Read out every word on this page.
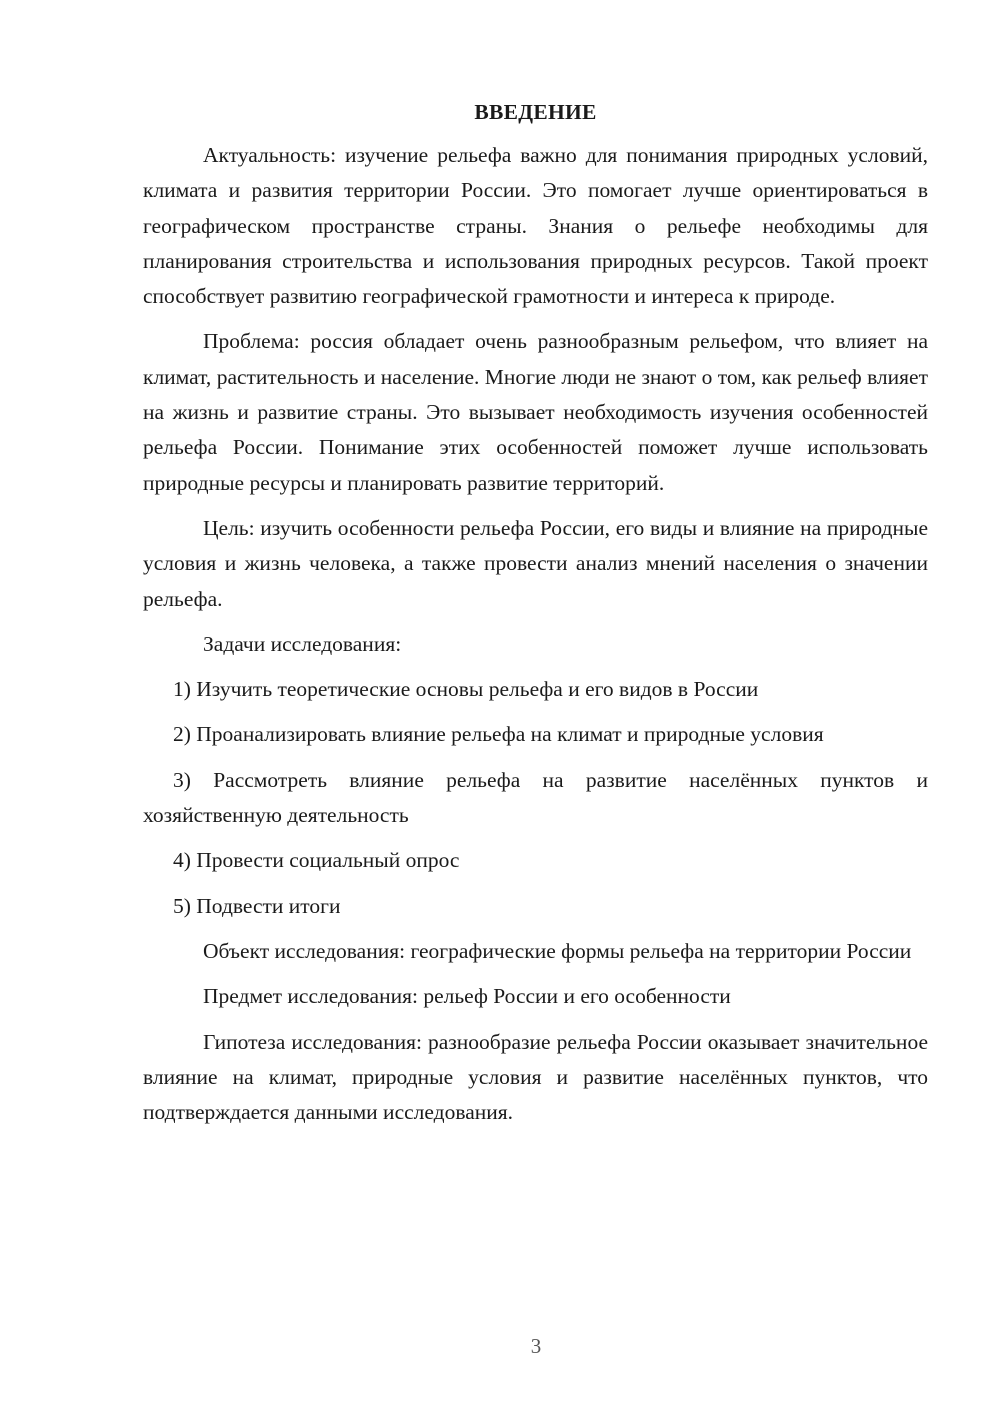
ВВЕДЕНИЕ

Актуальность: изучение рельефа важно для понимания природных условий, климата и развития территории России. Это помогает лучше ориентироваться в географическом пространстве страны. Знания о рельефе необходимы для планирования строительства и использования природных ресурсов. Такой проект способствует развитию географической грамотности и интереса к природе.

Проблема: россия обладает очень разнообразным рельефом, что влияет на климат, растительность и население. Многие люди не знают о том, как рельеф влияет на жизнь и развитие страны. Это вызывает необходимость изучения особенностей рельефа России. Понимание этих особенностей поможет лучше использовать природные ресурсы и планировать развитие территорий.

Цель: изучить особенности рельефа России, его виды и влияние на природные условия и жизнь человека, а также провести анализ мнений населения о значении рельефа.

Задачи исследования:

1) Изучить теоретические основы рельефа и его видов в России

2) Проанализировать влияние рельефа на климат и природные условия

3) Рассмотреть влияние рельефа на развитие населённых пунктов и хозяйственную деятельность

4) Провести социальный опрос

5) Подвести итоги

Объект исследования: географические формы рельефа на территории России

Предмет исследования: рельеф России и его особенности

Гипотеза исследования: разнообразие рельефа России оказывает значительное влияние на климат, природные условия и развитие населённых пунктов, что подтверждается данными исследования.

3
